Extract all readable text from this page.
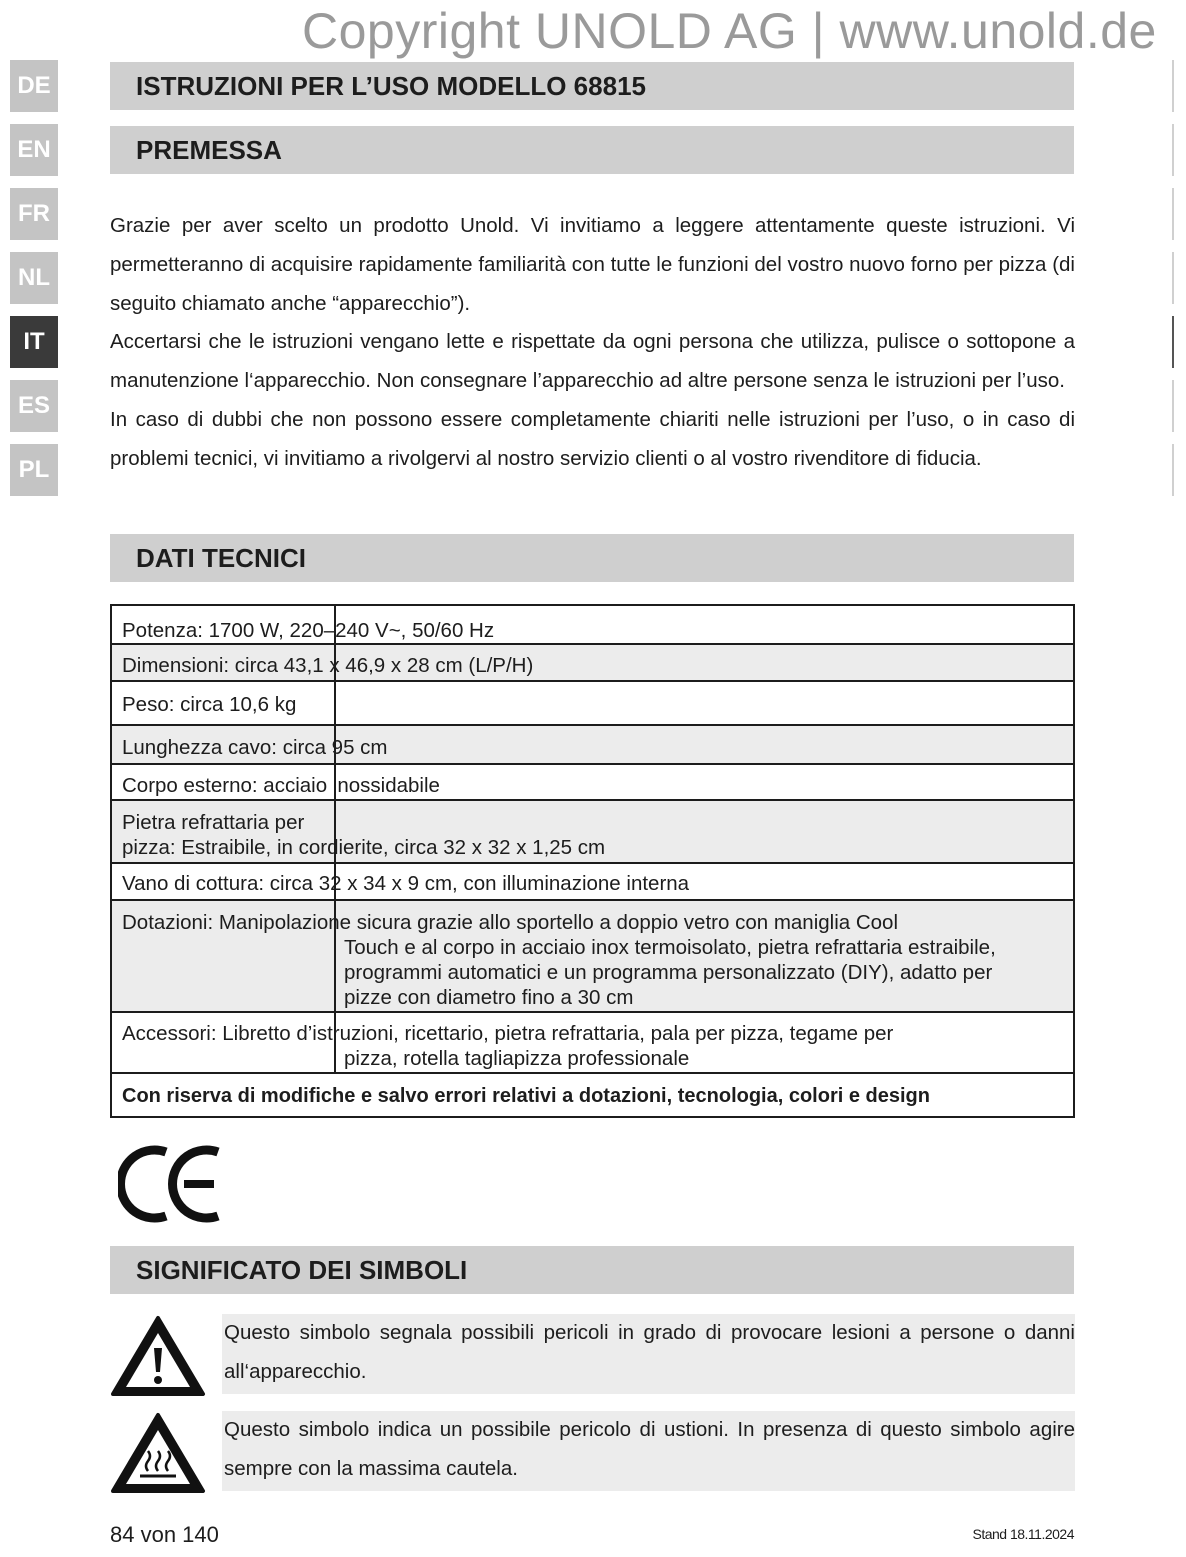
Copyright UNOLD AG | www.unold.de
DE
EN
FR
NL
IT
ES
PL
ISTRUZIONI PER L’USO MODELLO 68815
PREMESSA

Grazie per aver scelto un prodotto Unold. Vi invitiamo a leggere attentamente queste istruzioni. Vi permetteranno di acquisire rapidamente familiarità con tutte le funzioni del vostro nuovo forno per pizza (di seguito chiamato anche “apparecchio”).

Accertarsi che le istruzioni vengano lette e rispettate da ogni persona che utilizza, pulisce o sottopone a manutenzione l‘apparecchio. Non consegnare l’apparecchio ad altre persone senza le istruzioni per l’uso.

In caso di dubbi che non possono essere completamente chiariti nelle istruzioni per l’uso, o in caso di problemi tecnici, vi invitiamo a rivolgervi al nostro servizio clienti o al vostro rivenditore di fiducia.

DATI TECNICI
Potenza: 1700 W, 220–240 V~, 50/60 Hz
Dimensioni: circa 43,1 x 46,9 x 28 cm (L/P/H)
Peso: circa 10,6 kg
Lunghezza cavo: circa 95 cm
Corpo esterno: acciaio inossidabile
Pietra refrattaria per
pizza: Estraibile, in cordierite, circa 32 x 32 x 1,25 cm
Vano di cottura: circa 32 x 34 x 9 cm, con illuminazione interna
Dotazioni: Manipolazione sicura grazie allo sportello a doppio vetro con maniglia Cool
Touch e al corpo in acciaio inox termoisolato, pietra refrattaria estraibile,
programmi automatici e un programma personalizzato (DIY), adatto per
pizze con diametro fino a 30 cm
Accessori: Libretto d’istruzioni, ricettario, pietra refrattaria, pala per pizza, tegame per
pizza, rotella tagliapizza professionale
Con riserva di modifiche e salvo errori relativi a dotazioni, tecnologia, colori e design
SIGNIFICATO DEI SIMBOLI
Questo simbolo segnala possibili pericoli in grado di provocare lesioni a persone o danni all‘apparecchio.
Questo simbolo indica un possibile pericolo di ustioni. In presenza di questo simbolo agire sempre con la massima cautela.
84 von 140	Stand 18.11.2024
